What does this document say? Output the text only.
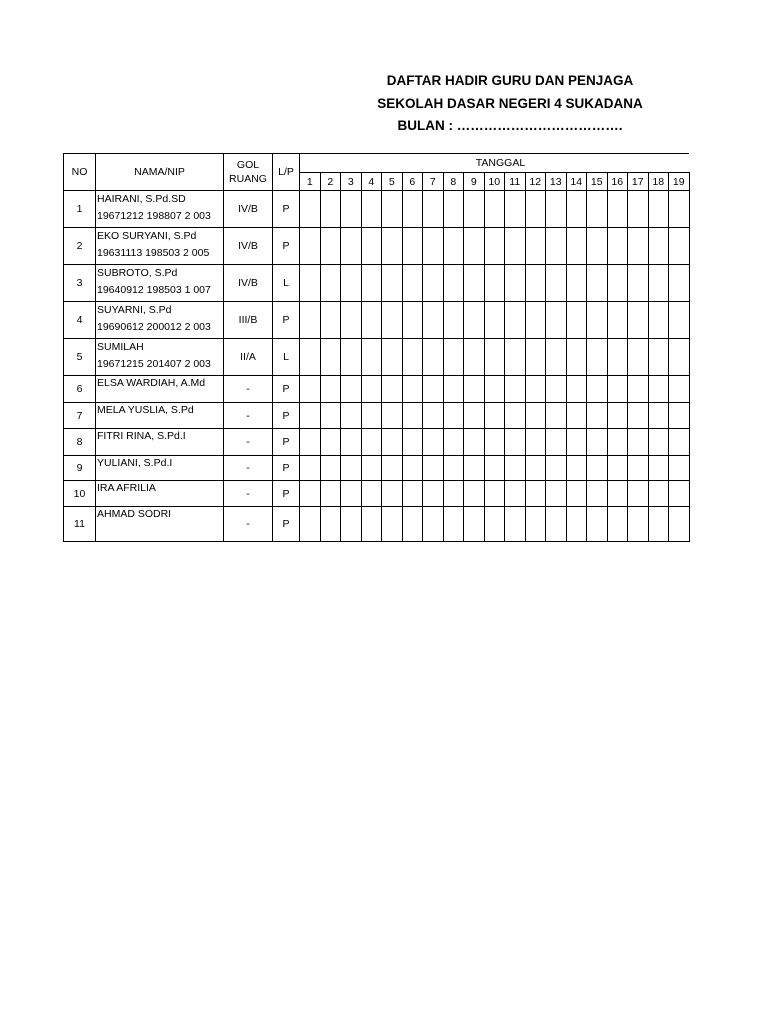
DAFTAR HADIR GURU DAN PENJAGA
SEKOLAH DASAR NEGERI 4 SUKADANA
BULAN : ……………………………….
NO	NAMA/NIP	GOL
RUANG	L/P	TANGGAL																		
				1	2	3	4	5	6	7	8	9	10	11	12	13	14	15	16	17	18	19
1	HAIRANI, S.Pd.SD
19671212 198807 2 003	IV/B	P																			
2	EKO SURYANI, S.Pd
19631113 198503 2 005	IV/B	P																			
3	SUBROTO, S.Pd
19640912 198503 1 007	IV/B	L																			
4	SUYARNI, S.Pd
19690612 200012 2 003	III/B	P																			
5	SUMILAH
19671215 201407 2 003	II/A	L																			
6	ELSA WARDIAH, A.Md	-	P																			
7	MELA YUSLIA, S.Pd	-	P																			
8	FITRI RINA, S.Pd.I	-	P																			
9	YULIANI, S.Pd.I	-	P																			
10	IRA AFRILIA	-	P																			
11	AHMAD SODRI	-	P																			
